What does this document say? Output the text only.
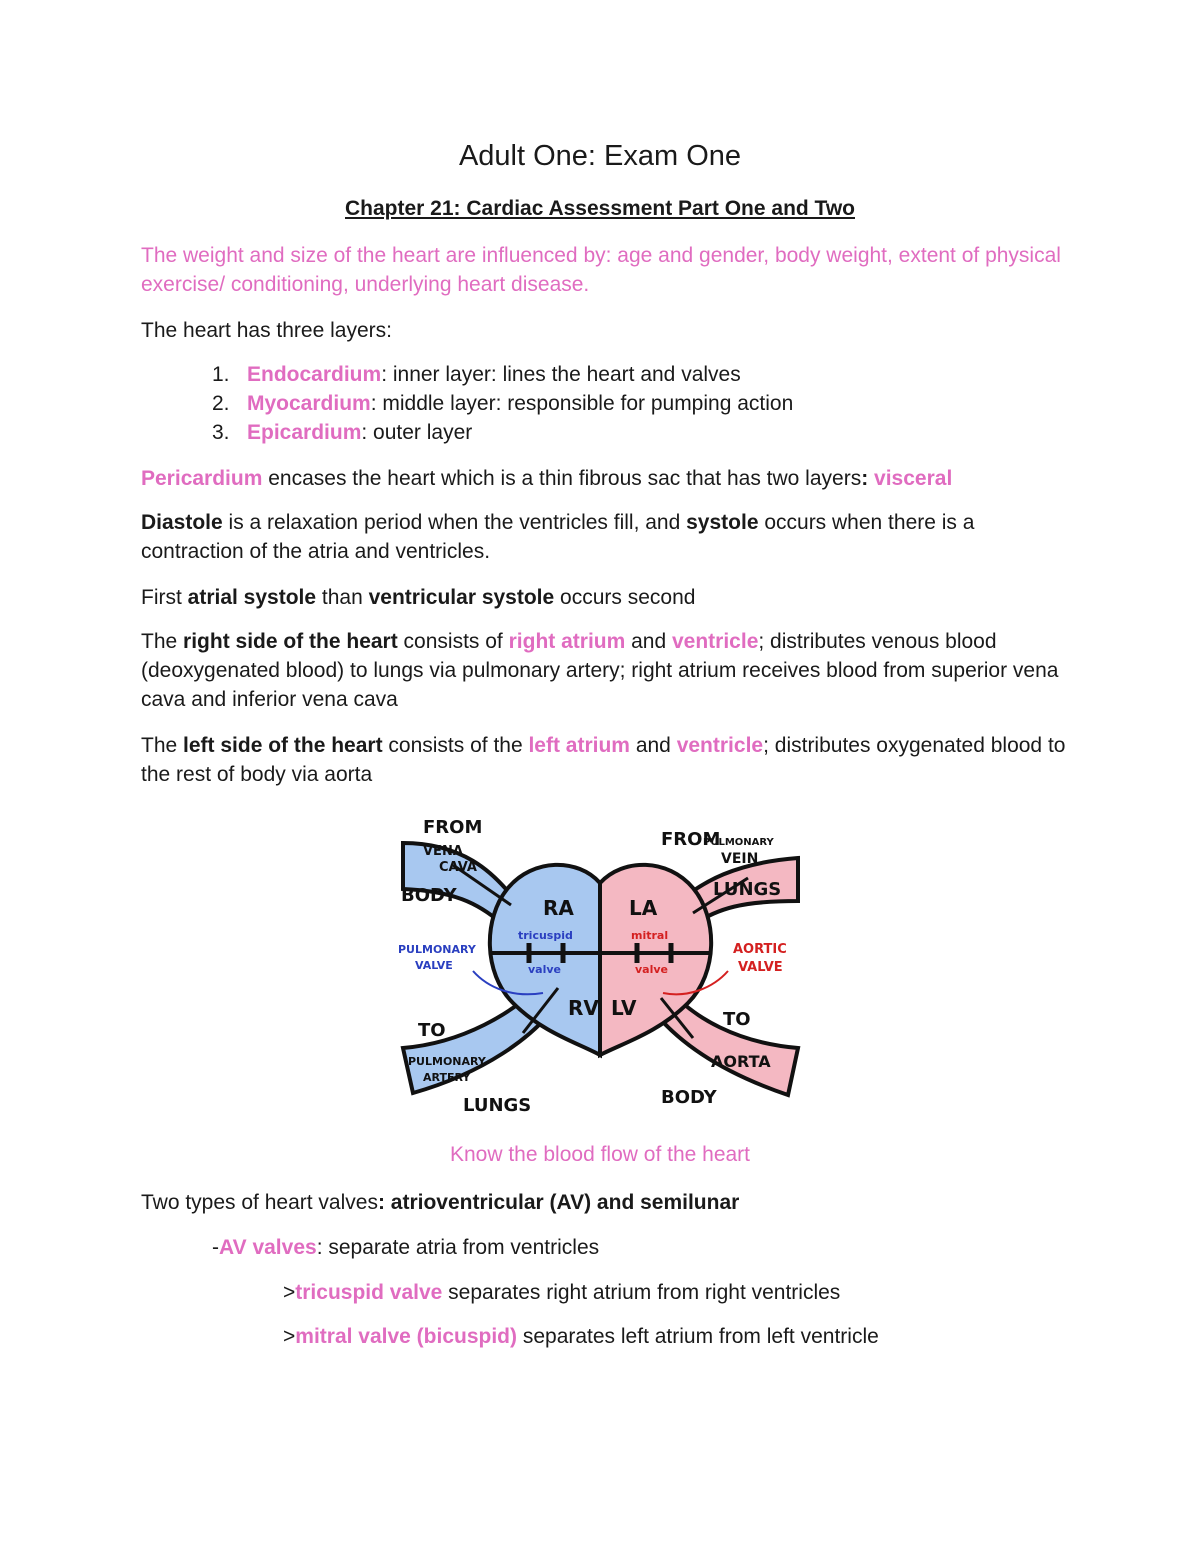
Adult One: Exam One
Chapter 21: Cardiac Assessment Part One and Two
The weight and size of the heart are influenced by: age and gender, body weight, extent of physical exercise/ conditioning, underlying heart disease.
The heart has three layers:
1. Endocardium: inner layer: lines the heart and valves
2. Myocardium: middle layer: responsible for pumping action
3. Epicardium: outer layer
Pericardium encases the heart which is a thin fibrous sac that has two layers: visceral
Diastole is a relaxation period when the ventricles fill, and systole occurs when there is a contraction of the atria and ventricles.
First atrial systole than ventricular systole occurs second
The right side of the heart consists of right atrium and ventricle; distributes venous blood (deoxygenated blood) to lungs via pulmonary artery; right atrium receives blood from superior vena cava and inferior vena cava
The left side of the heart consists of the left atrium and ventricle; distributes oxygenated blood to the rest of body via aorta
FROM
VENA
CAVA
BODY
RA
tricuspid
valve
RV
PULMONARY
VALVE
TO
PULMONARY
ARTERY
LUNGS
FROM
PULMONARY
VEIN
LUNGS
LA
mitral
valve
LV
AORTIC
VALVE
TO
AORTA
BODY
Know the blood flow of the heart
Two types of heart valves: atrioventricular (AV) and semilunar
-AV valves: separate atria from ventricles
>tricuspid valve separates right atrium from right ventricles
>mitral valve (bicuspid) separates left atrium from left ventricle
